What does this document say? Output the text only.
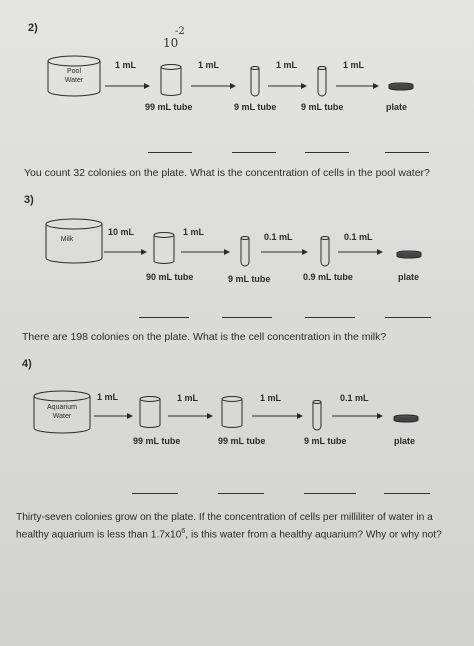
2)
10
-2
Pool
Water
1 mL	1 mL	1 mL	1 mL
99 mL tube	9 mL tube	9 mL tube	plate
You count 32 colonies on the plate. What is the concentration of cells in the pool water?
3)
Milk
10 mL	1 mL	0.1 mL	0.1 mL
90 mL tube	9 mL tube	0.9 mL tube	plate
There are 198 colonies on the plate. What is the cell concentration in the milk?
4)
Aquarium
Water
1 mL	1 mL	1 mL	0.1 mL
99 mL tube	99 mL tube	9 mL tube	plate
Thirty-seven colonies grow on the plate. If the concentration of cells per milliliter of water in a
healthy aquarium is less than $1.7x10^6$, is this water from a healthy aquarium? Why or why not?
